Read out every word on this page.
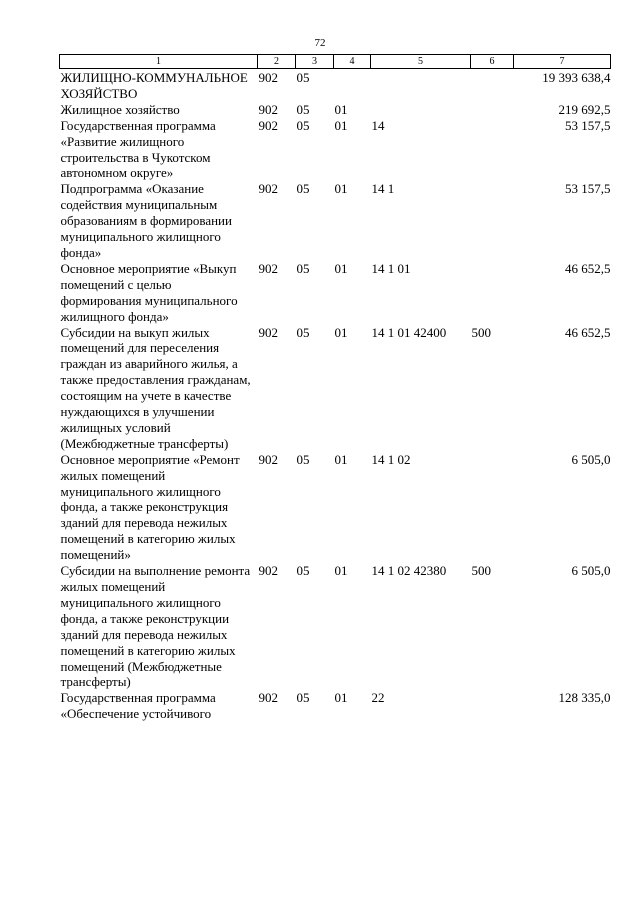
72
1	2	3	4	5	6	7
ЖИЛИЩНО-КОММУНАЛЬНОЕ ХОЗЯЙСТВО	902	05				19 393 638,4
Жилищное хозяйство	902	05	01			219 692,5
Государственная программа «Развитие жилищного строительства в Чукотском автономном округе»	902	05	01	14		53 157,5
Подпрограмма «Оказание содействия муниципальным образованиям в формировании муниципального жилищного фонда»	902	05	01	14 1		53 157,5
Основное мероприятие «Выкуп помещений с целью формирования муниципального жилищного фонда»	902	05	01	14 1 01		46 652,5
Субсидии на выкуп жилых помещений для переселения граждан из аварийного жилья, а также предоставления гражданам, состоящим на учете в качестве нуждающихся в улучшении жилищных условий (Межбюджетные трансферты)	902	05	01	14 1 01 42400	500	46 652,5
Основное мероприятие «Ремонт жилых помещений муниципального жилищного фонда, а также реконструкция зданий для перевода нежилых помещений в категорию жилых помещений»	902	05	01	14 1 02		6 505,0
Субсидии на выполнение ремонта жилых помещений муниципального жилищного фонда, а также реконструкции зданий для перевода нежилых помещений в категорию жилых помещений (Межбюджетные трансферты)	902	05	01	14 1 02 42380	500	6 505,0
Государственная программа «Обеспечение устойчивого	902	05	01	22		128 335,0
